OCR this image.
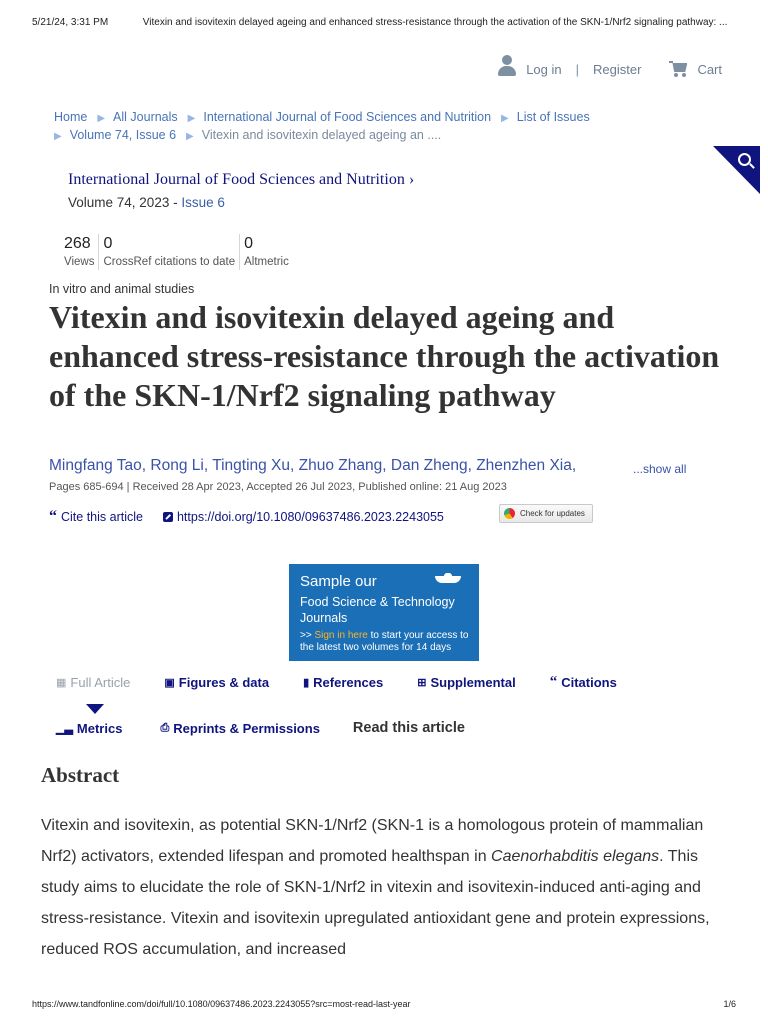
5/21/24, 3:31 PM	Vitexin and isovitexin delayed ageing and enhanced stress-resistance through the activation of the SKN-1/Nrf2 signaling pathway: ...
Log in | Register	Cart
Home ▶ All Journals ▶ International Journal of Food Sciences and Nutrition ▶ List of Issues
▶ Volume 74, Issue 6 ▶ Vitexin and isovitexin delayed ageing an ....
International Journal of Food Sciences and Nutrition ›
Volume 74, 2023 - Issue 6
268
Views
0
CrossRef citations to date
0
Altmetric
In vitro and animal studies
Vitexin and isovitexin delayed ageing and enhanced stress-resistance through the activation of the SKN-1/Nrf2 signaling pathway
Mingfang Tao, Rong Li, Tingting Xu, Zhuo Zhang, Dan Zheng, Zhenzhen Xia,	...show all
Pages 685-694 | Received 28 Apr 2023, Accepted 26 Jul 2023, Published online: 21 Aug 2023
“ Cite this article	https://doi.org/10.1080/09637486.2023.2243055	Check for updates
Sample our
Food Science & Technology Journals
>> Sign in here to start your access to the latest two volumes for 14 days
▦ Full Article	▣ Figures & data	▮ References	⊞ Supplemental “ Citations
▁▃ Metrics	⎙ Reprints & Permissions Read this article
Abstract

Vitexin and isovitexin, as potential SKN-1/Nrf2 (SKN-1 is a homologous protein of mammalian Nrf2) activators, extended lifespan and promoted healthspan in Caenorhabditis elegans. This study aims to elucidate the role of SKN-1/Nrf2 in vitexin and isovitexin-induced anti-aging and stress-resistance. Vitexin and isovitexin upregulated antioxidant gene and protein expressions, reduced ROS accumulation, and increased

https://www.tandfonline.com/doi/full/10.1080/09637486.2023.2243055?src=most-read-last-year	1/6
